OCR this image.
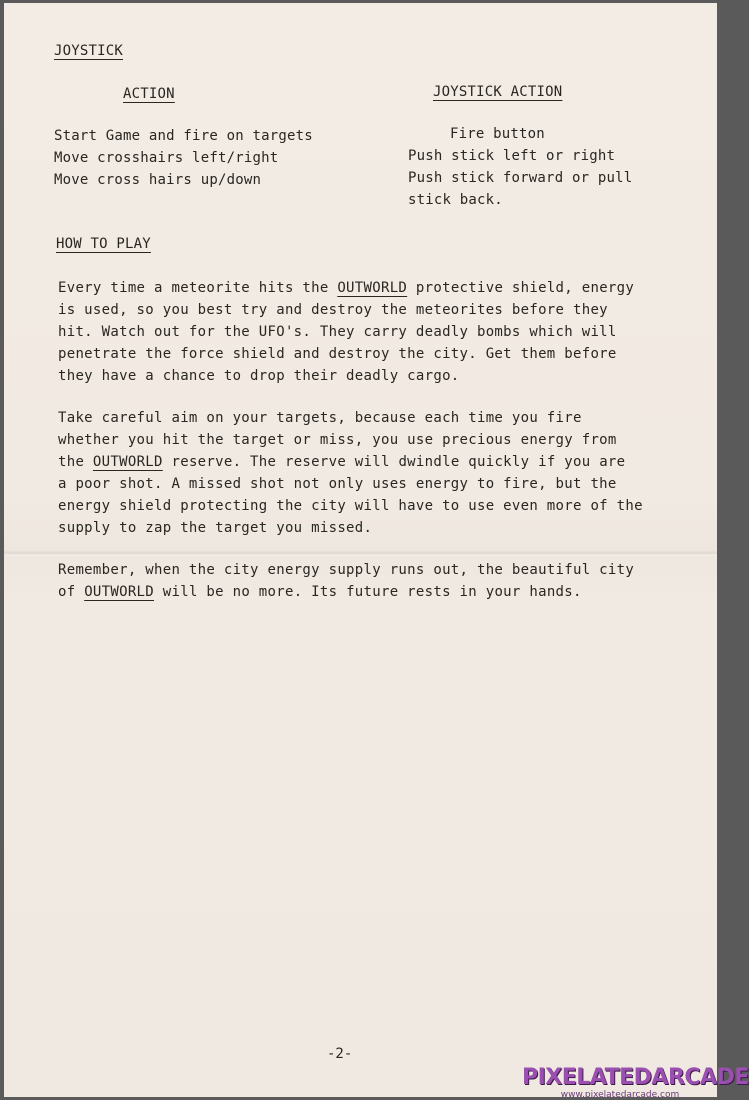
JOYSTICK
ACTION	JOYSTICK ACTION
Start Game and fire on targets
Move crosshairs left/right
Move cross hairs up/down
Fire button
Push stick left or right
Push stick forward or pull
stick back.
HOW TO PLAY
Every time a meteorite hits the OUTWORLD protective shield, energy
is used, so you best try and destroy the meteorites before they
hit. Watch out for the UFO's. They carry deadly bombs which will
penetrate the force shield and destroy the city. Get them before
they have a chance to drop their deadly cargo.
Take careful aim on your targets, because each time you fire
whether you hit the target or miss, you use precious energy from
the OUTWORLD reserve. The reserve will dwindle quickly if you are
a poor shot. A missed shot not only uses energy to fire, but the
energy shield protecting the city will have to use even more of the
supply to zap the target you missed.
Remember, when the city energy supply runs out, the beautiful city
of OUTWORLD will be no more. Its future rests in your hands.
-2-
PIXELATEDARCADE
www.pixelatedarcade.com
